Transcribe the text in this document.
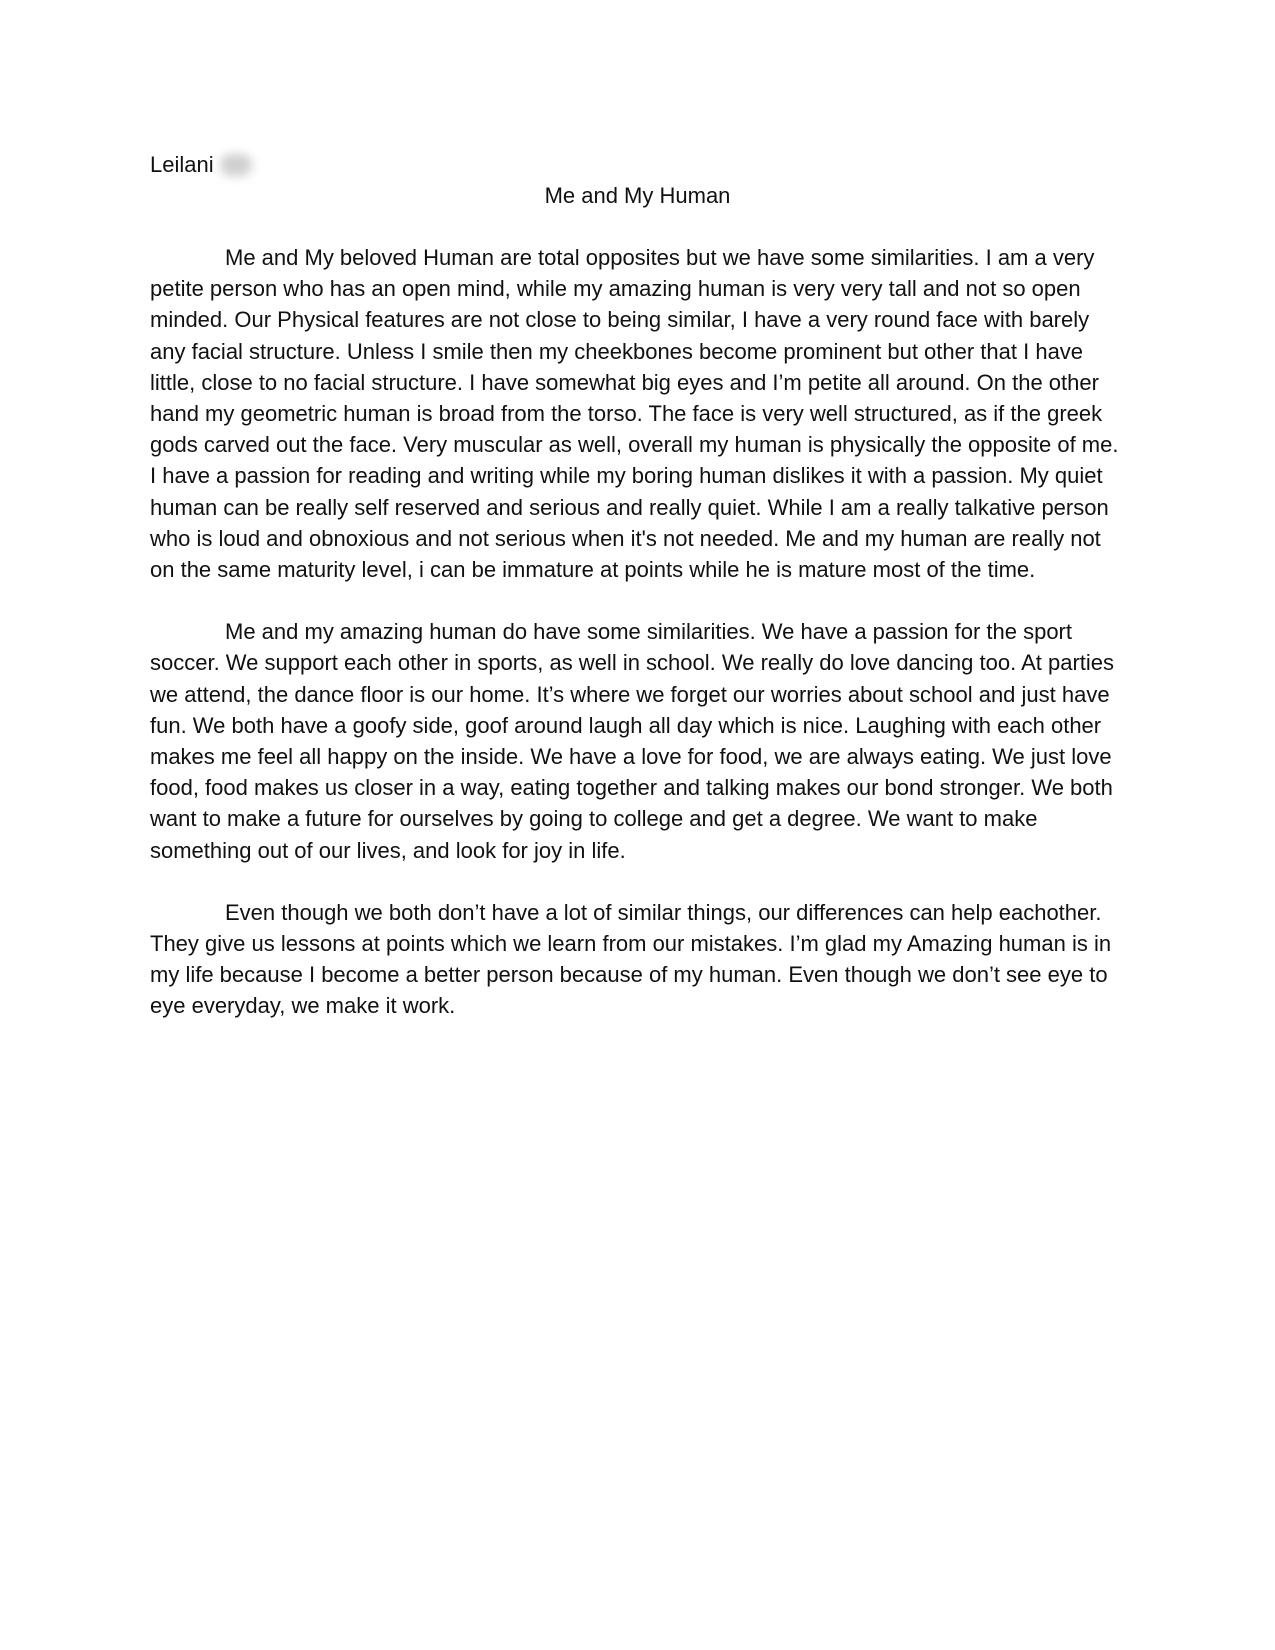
Leilani
Me and My Human

Me and My beloved Human are total opposites but we have some similarities. I am a very petite person who has an open mind, while my amazing human is very very tall and not so open minded. Our Physical features are not close to being similar, I have a very round face with barely any facial structure. Unless I smile then my cheekbones become prominent but other that I have little, close to no facial structure. I have somewhat big eyes and I’m petite all around. On the other hand my geometric human is broad from the torso. The face is very well structured, as if the greek gods carved out the face. Very muscular as well, overall my human is physically the opposite of me. I have a passion for reading and writing while my boring human dislikes it with a passion. My quiet human can be really self reserved and serious and really quiet. While I am a really talkative person who is loud and obnoxious and not serious when it's not needed. Me and my human are really not on the same maturity level, i can be immature at points while he is mature most of the time.

Me and my amazing human do have some similarities. We have a passion for the sport soccer. We support each other in sports, as well in school. We really do love dancing too. At parties we attend, the dance floor is our home. It’s where we forget our worries about school and just have fun. We both have a goofy side, goof around laugh all day which is nice. Laughing with each other makes me feel all happy on the inside. We have a love for food, we are always eating. We just love food, food makes us closer in a way, eating together and talking makes our bond stronger. We both want to make a future for ourselves by going to college and get a degree. We want to make something out of our lives, and look for joy in life.

Even though we both don’t have a lot of similar things, our differences can help eachother. They give us lessons at points which we learn from our mistakes. I’m glad my Amazing human is in my life because I become a better person because of my human. Even though we don’t see eye to eye everyday, we make it work.
